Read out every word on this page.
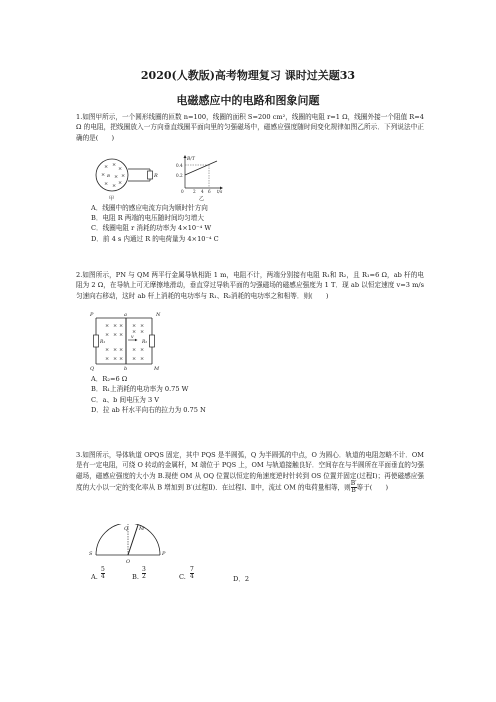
2020(人教版)高考物理复习 课时过关题33
电磁感应中的电路和图象问题
1.如图甲所示，一个圆形线圈的匝数 n=100，线圈的面积 S=200 cm²，线圈的电阻 r=1 Ω，线圈外接一个阻值 R=4 Ω 的电阻，把线圈放入一方向垂直线圈平面向里的匀强磁场中，磁感应强度随时间变化规律如图乙所示．下列说法中正确的是(　　)
× ×
×
× × ×
× × ×
B	R
甲
B/T
0.4
0.2
0 2 4 6 t/s
乙
A．线圈中的感应电流方向为顺时针方向
B．电阻 R 两端的电压随时间均匀增大
C．线圈电阻 r 消耗的功率为 4×10⁻⁴ W
D．前 4 s 内通过 R 的电荷量为 4×10⁻⁴ C
2.如图所示，PN 与 QM 两平行金属导轨相距 1 m，电阻不计，两端分别接有电阻 R₁和 R₂，且 R₁=6 Ω，ab 杆的电阻为 2 Ω，在导轨上可无摩擦地滑动，垂直穿过导轨平面的匀强磁场的磁感应强度为 1 T．现 ab 以恒定速度 v=3 m/s 匀速向右移动，这时 ab 杆上消耗的电功率与 R₁、R₂消耗的电功率之和相等．则(　　)
P	N
Q	M
a
b
R₁	R₂
v
× × × × ×
× × × × ×
× × × × ×
× × × × ×
A．R₂=6 Ω
B．R₁上消耗的电功率为 0.75 W
C．a、b 间电压为 3 V
D．拉 ab 杆水平向右的拉力为 0.75 N
3.如图所示，导体轨道 OPQS 固定，其中 PQS 是半圆弧，Q 为半圆弧的中点，O 为圆心．轨道的电阻忽略不计．OM 是有一定电阻，可绕 O 转动的金属杆，M 端位于 PQS 上，OM 与轨道接触良好．空间存在与半圆所在平面垂直的匀强磁场，磁感应强度的大小为 B.现使 OM 从 OQ 位置以恒定的角速度逆时针转到 OS 位置并固定(过程Ⅰ)；再使磁感应强度的大小以一定的变化率从 B 增加到 B′(过程Ⅱ)．在过程Ⅰ、Ⅱ中，流过 OM 的电荷量相等，则 $\frac{B'}{B}$ 等于(　　)
Q M
S	P
O
A. $\frac{5}{4}$	B. $\frac{3}{2}$	C. $\frac{7}{4}$	D．2
